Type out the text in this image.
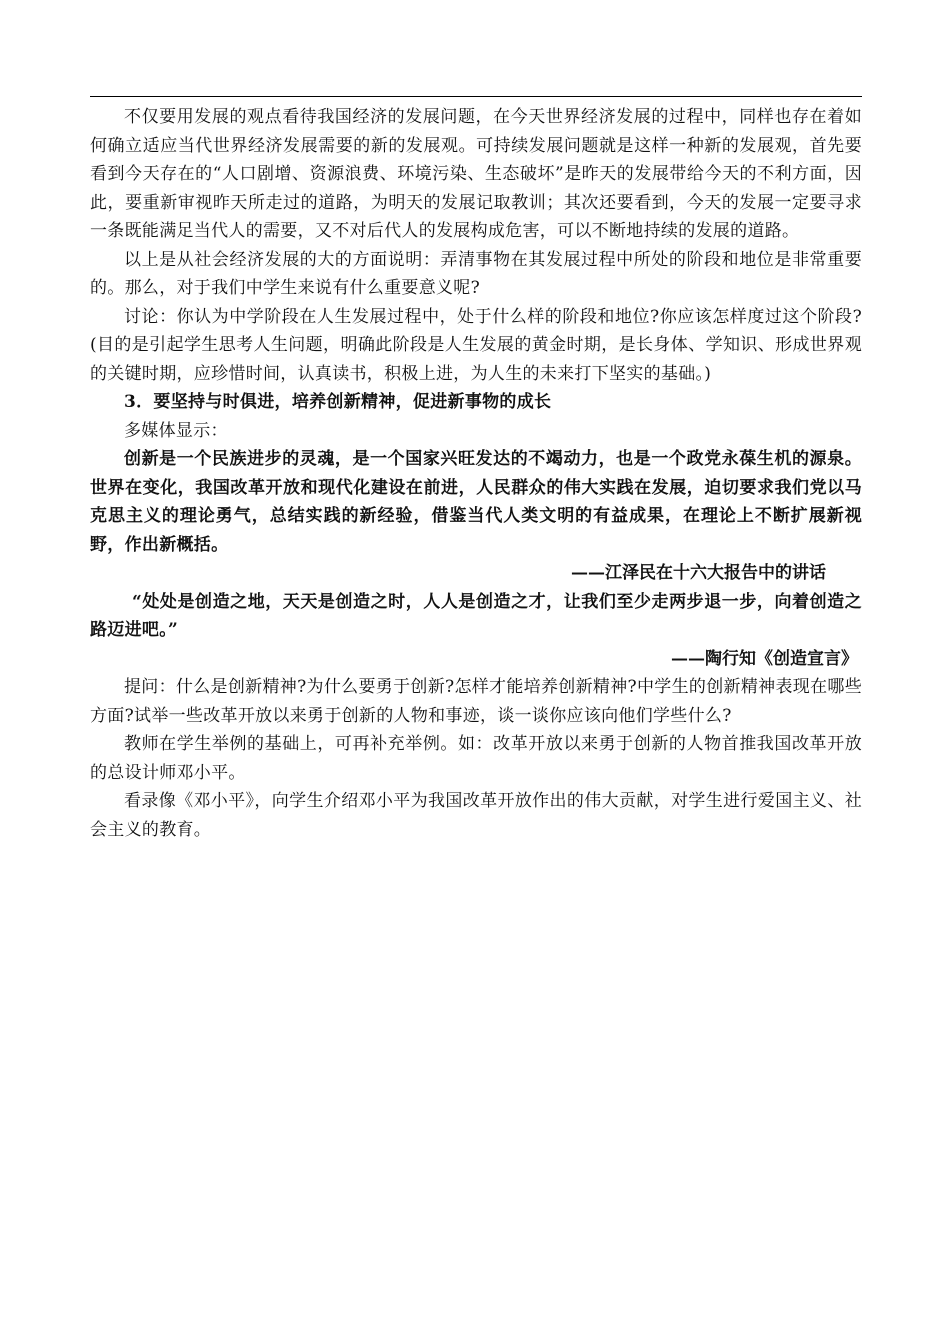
不仅要用发展的观点看待我国经济的发展问题，在今天世界经济发展的过程中，同样也存在着如何确立适应当代世界经济发展需要的新的发展观。可持续发展问题就是这样一种新的发展观，首先要看到今天存在的“人口剧增、资源浪费、环境污染、生态破坏”是昨天的发展带给今天的不利方面，因此，要重新审视昨天所走过的道路，为明天的发展记取教训；其次还要看到，今天的发展一定要寻求一条既能满足当代人的需要，又不对后代人的发展构成危害，可以不断地持续的发展的道路。

以上是从社会经济发展的大的方面说明：弄清事物在其发展过程中所处的阶段和地位是非常重要的。那么，对于我们中学生来说有什么重要意义呢?

讨论：你认为中学阶段在人生发展过程中，处于什么样的阶段和地位?你应该怎样度过这个阶段?(目的是引起学生思考人生问题，明确此阶段是人生发展的黄金时期，是长身体、学知识、形成世界观的关键时期，应珍惜时间，认真读书，积极上进，为人生的未来打下坚实的基础。)

3．要坚持与时俱进，培养创新精神，促进新事物的成长

多媒体显示：

创新是一个民族进步的灵魂，是一个国家兴旺发达的不竭动力，也是一个政党永葆生机的源泉。世界在变化，我国改革开放和现代化建设在前进，人民群众的伟大实践在发展，迫切要求我们党以马克思主义的理论勇气，总结实践的新经验，借鉴当代人类文明的有益成果，在理论上不断扩展新视野，作出新概括。

——江泽民在十六大报告中的讲话

“处处是创造之地，天天是创造之时，人人是创造之才，让我们至少走两步退一步，向着创造之路迈进吧。”

——陶行知《创造宣言》

提问：什么是创新精神?为什么要勇于创新?怎样才能培养创新精神?中学生的创新精神表现在哪些方面?试举一些改革开放以来勇于创新的人物和事迹，谈一谈你应该向他们学些什么?

教师在学生举例的基础上，可再补充举例。如：改革开放以来勇于创新的人物首推我国改革开放的总设计师邓小平。

看录像《邓小平》，向学生介绍邓小平为我国改革开放作出的伟大贡献，对学生进行爱国主义、社会主义的教育。
